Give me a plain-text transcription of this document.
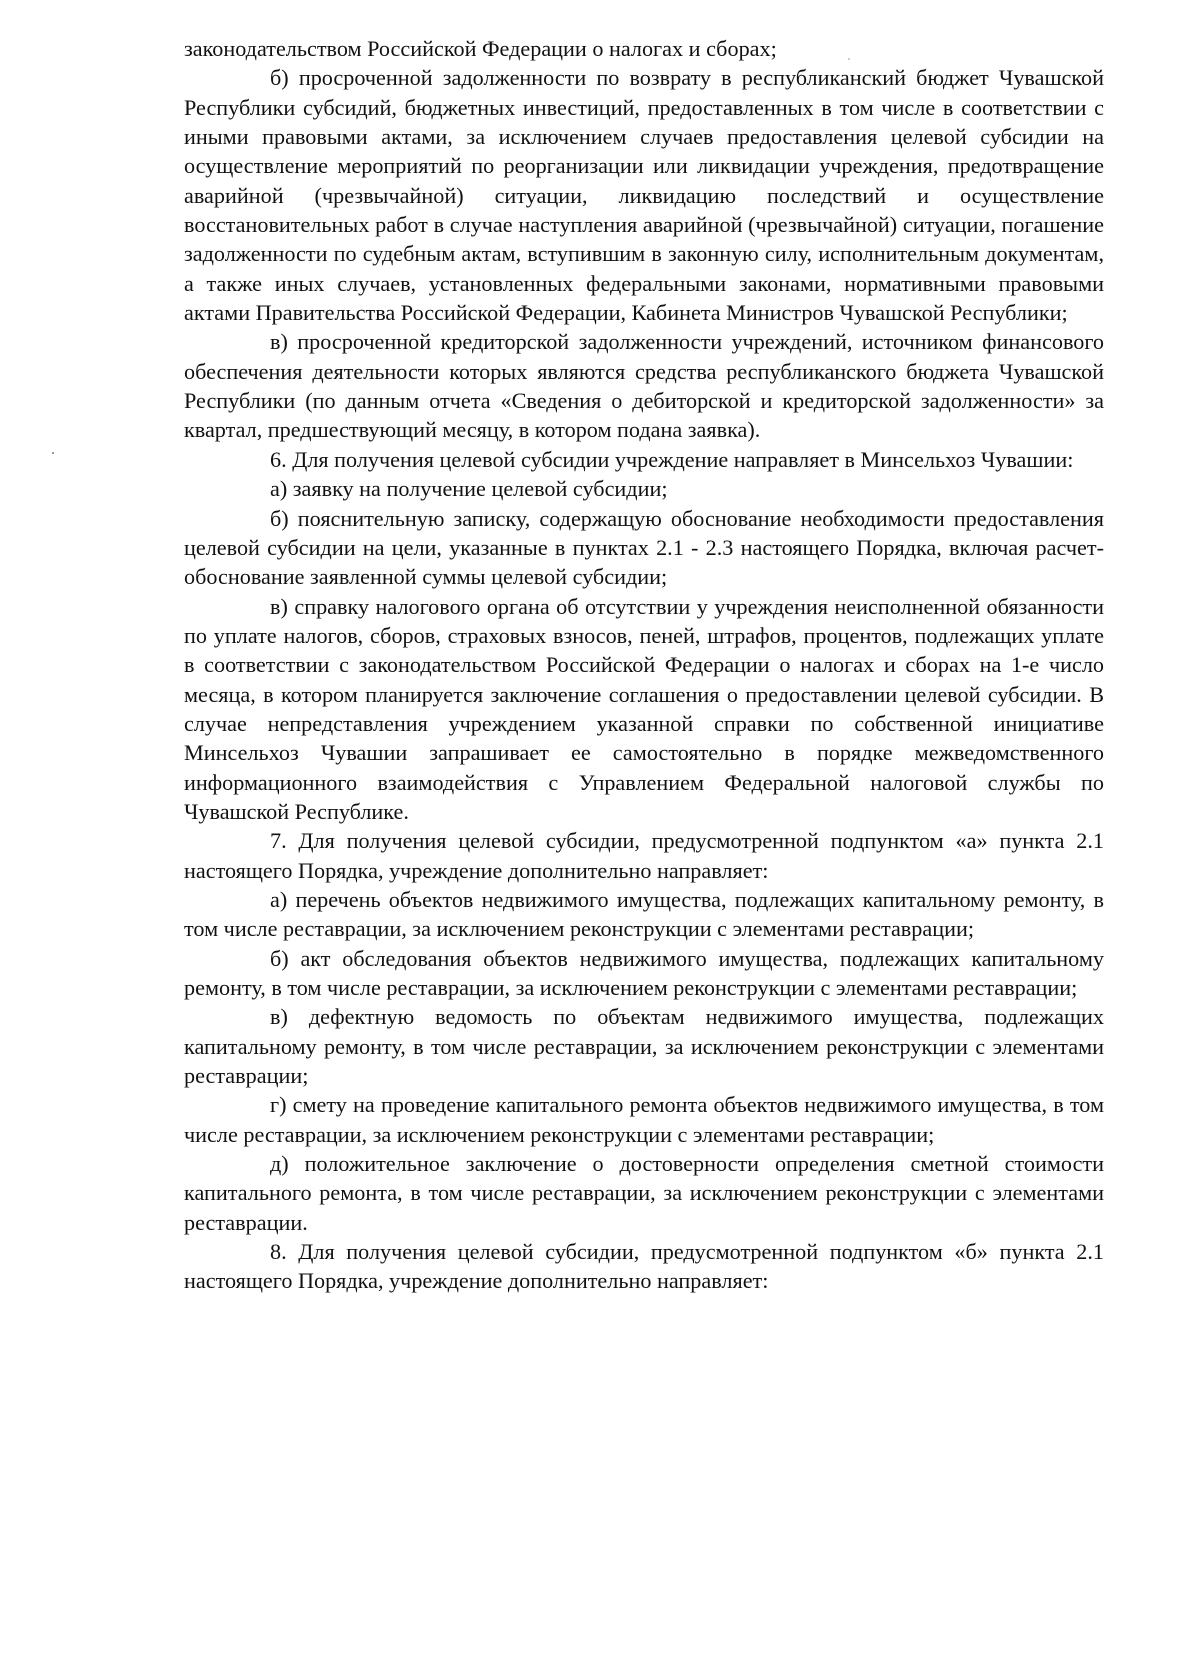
законодательством Российской Федерации о налогах и сборах;

б) просроченной задолженности по возврату в республиканский бюджет Чувашской Республики субсидий, бюджетных инвестиций, предоставленных в том числе в соответствии с иными правовыми актами, за исключением случаев предоставления целевой субсидии на осуществление мероприятий по реорганизации или ликвидации учреждения, предотвращение аварийной (чрезвычайной) ситуации, ликвидацию последствий и осуществление восстановительных работ в случае наступления аварийной (чрезвычайной) ситуации, погашение задолженности по судебным актам, вступившим в законную силу, исполнительным документам, а также иных случаев, установленных федеральными законами, нормативными правовыми актами Правительства Российской Федерации, Кабинета Министров Чувашской Республики;

в) просроченной кредиторской задолженности учреждений, источником финансового обеспечения деятельности которых являются средства республиканского бюджета Чувашской Республики (по данным отчета «Сведения о дебиторской и кредиторской задолженности» за квартал, предшествующий месяцу, в котором подана заявка).

6. Для получения целевой субсидии учреждение направляет в Минсельхоз Чувашии:

а) заявку на получение целевой субсидии;

б) пояснительную записку, содержащую обоснование необходимости предоставления целевой субсидии на цели, указанные в пунктах 2.1 - 2.3 настоящего Порядка, включая расчет-обоснование заявленной суммы целевой субсидии;

в) справку налогового органа об отсутствии у учреждения неисполненной обязанности по уплате налогов, сборов, страховых взносов, пеней, штрафов, процентов, подлежащих уплате в соответствии с законодательством Российской Федерации о налогах и сборах на 1-е число месяца, в котором планируется заключение соглашения о предоставлении целевой субсидии. В случае непредставления учреждением указанной справки по собственной инициативе Минсельхоз Чувашии запрашивает ее самостоятельно в порядке межведомственного информационного взаимодействия с Управлением Федеральной налоговой службы по Чувашской Республике.

7. Для получения целевой субсидии, предусмотренной подпунктом «а» пункта 2.1 настоящего Порядка, учреждение дополнительно направляет:

а) перечень объектов недвижимого имущества, подлежащих капитальному ремонту, в том числе реставрации, за исключением реконструкции с элементами реставрации;

б) акт обследования объектов недвижимого имущества, подлежащих капитальному ремонту, в том числе реставрации, за исключением реконструкции с элементами реставрации;

в) дефектную ведомость по объектам недвижимого имущества, подлежащих капитальному ремонту, в том числе реставрации, за исключением реконструкции с элементами реставрации;

г) смету на проведение капитального ремонта объектов недвижимого имущества, в том числе реставрации, за исключением реконструкции с элементами реставрации;

д) положительное заключение о достоверности определения сметной стоимости капитального ремонта, в том числе реставрации, за исключением реконструкции с элементами реставрации.

8. Для получения целевой субсидии, предусмотренной подпунктом «б» пункта 2.1 настоящего Порядка, учреждение дополнительно направляет:
